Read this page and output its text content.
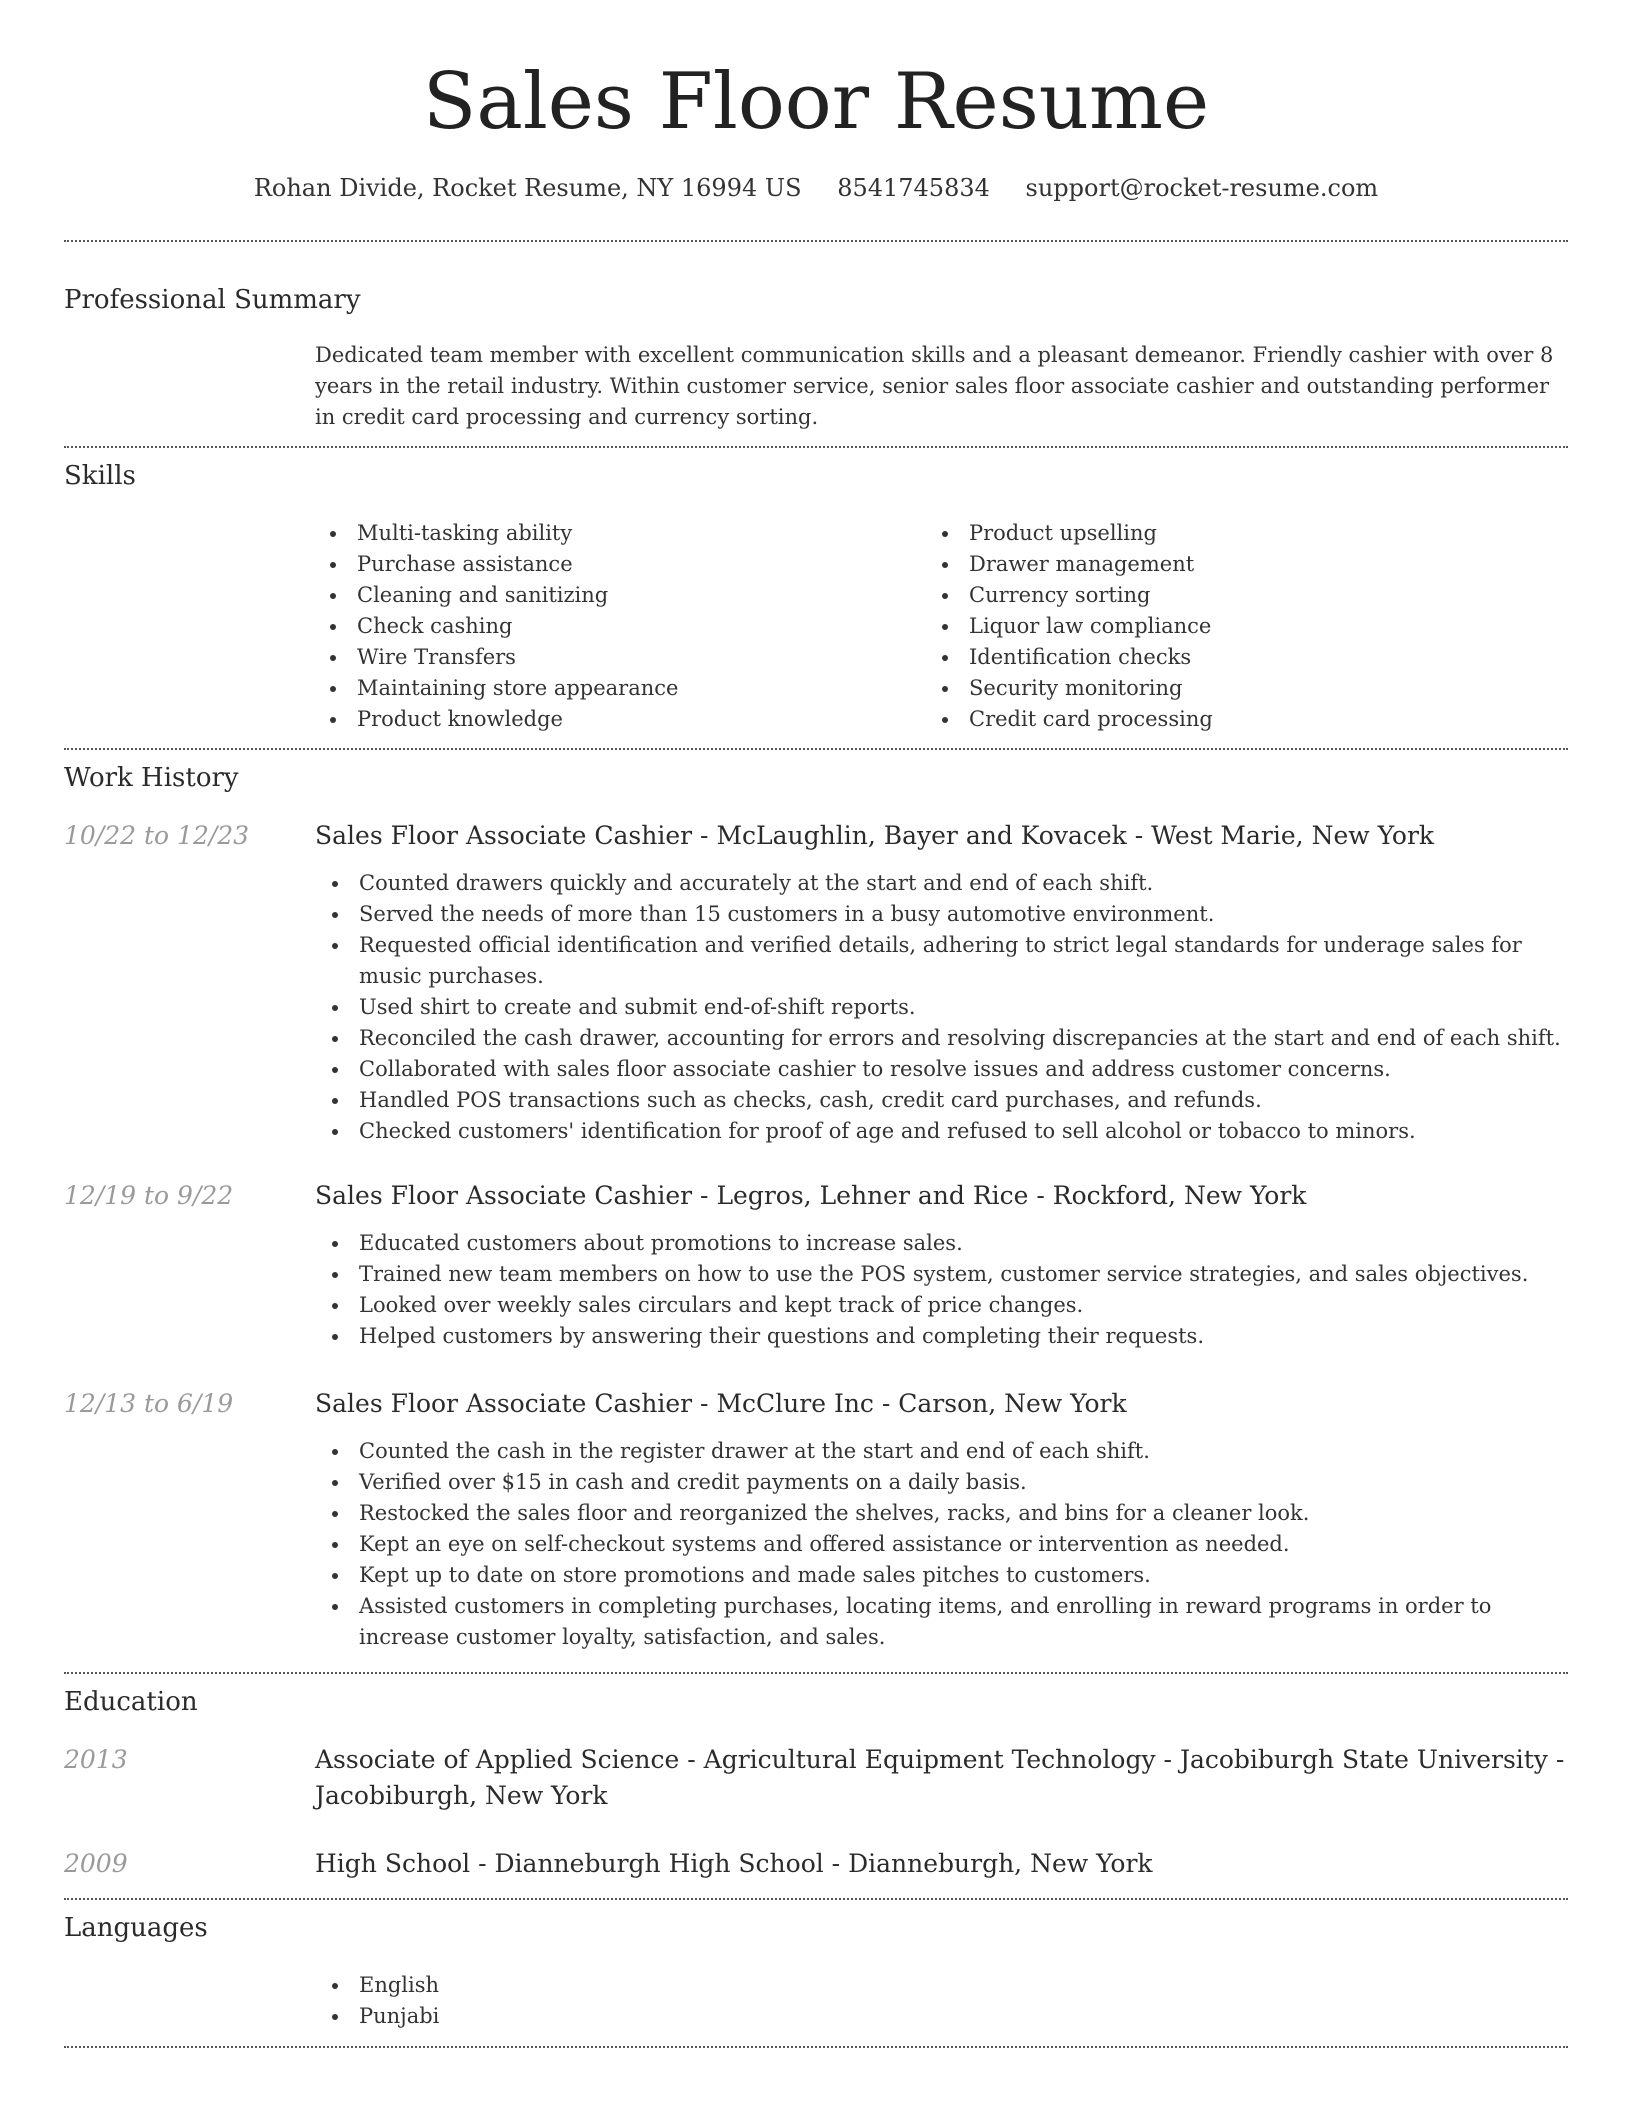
Sales Floor Resume
Rohan Divide, Rocket Resume, NY 16994 US 8541745834 support@rocket-resume.com
Professional Summary

Dedicated team member with excellent communication skills and a pleasant demeanor. Friendly cashier with over 8 years in the retail industry. Within customer service, senior sales floor associate cashier and outstanding performer in credit card processing and currency sorting.

Skills
Multi-tasking ability
Purchase assistance
Cleaning and sanitizing
Check cashing
Wire Transfers
Maintaining store appearance
Product knowledge
Product upselling
Drawer management
Currency sorting
Liquor law compliance
Identification checks
Security monitoring
Credit card processing
Work History
10/22 to 12/23	Sales Floor Associate Cashier - McLaughlin, Bayer and Kovacek - West Marie, New York
Counted drawers quickly and accurately at the start and end of each shift.
Served the needs of more than 15 customers in a busy automotive environment.
Requested official identification and verified details, adhering to strict legal standards for underage sales for music purchases.
Used shirt to create and submit end-of-shift reports.
Reconciled the cash drawer, accounting for errors and resolving discrepancies at the start and end of each shift.
Collaborated with sales floor associate cashier to resolve issues and address customer concerns.
Handled POS transactions such as checks, cash, credit card purchases, and refunds.
Checked customers' identification for proof of age and refused to sell alcohol or tobacco to minors.
12/19 to 9/22	Sales Floor Associate Cashier - Legros, Lehner and Rice - Rockford, New York
Educated customers about promotions to increase sales.
Trained new team members on how to use the POS system, customer service strategies, and sales objectives.
Looked over weekly sales circulars and kept track of price changes.
Helped customers by answering their questions and completing their requests.
12/13 to 6/19	Sales Floor Associate Cashier - McClure Inc - Carson, New York
Counted the cash in the register drawer at the start and end of each shift.
Verified over $15 in cash and credit payments on a daily basis.
Restocked the sales floor and reorganized the shelves, racks, and bins for a cleaner look.
Kept an eye on self-checkout systems and offered assistance or intervention as needed.
Kept up to date on store promotions and made sales pitches to customers.
Assisted customers in completing purchases, locating items, and enrolling in reward programs in order to increase customer loyalty, satisfaction, and sales.
Education
2013	Associate of Applied Science - Agricultural Equipment Technology - Jacobiburgh State University - Jacobiburgh, New York
2009	High School - Dianneburgh High School - Dianneburgh, New York
Languages
English
Punjabi
